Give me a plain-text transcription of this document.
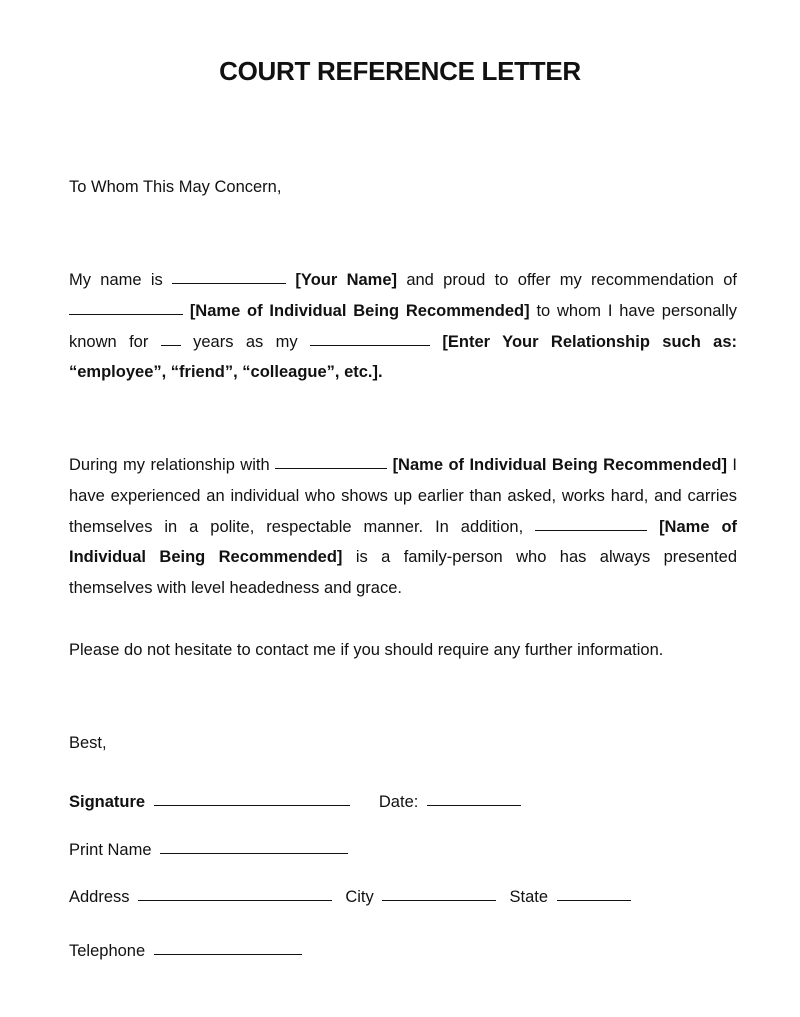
COURT REFERENCE LETTER
To Whom This May Concern,
My name is	[Your Name] and proud to offer my recommendation of  [Name of Individual Being Recommended] to whom I have personally known for	years as my	[Enter Your Relationship such as: “employee”, “friend”, “colleague”, etc.].
During my relationship with	[Name of Individual Being Recommended] I have experienced an individual who shows up earlier than asked, works hard, and carries themselves in a polite, respectable manner. In addition,	[Name of Individual Being Recommended] is a family-person who has always presented themselves with level headedness and grace.
Please do not hesitate to contact me if you should require any further information.
Best,
Signature	Date:
Print Name
Address	City	State
Telephone
